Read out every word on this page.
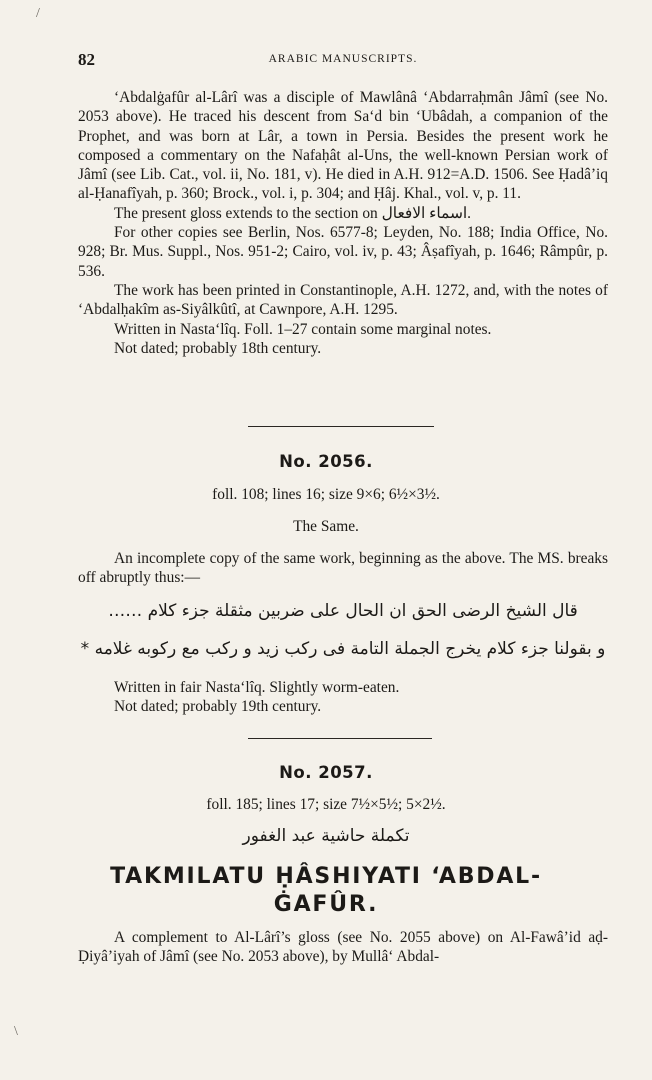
/
82	ARABIC MANUSCRIPTS.

‘Abdalġafûr al-Lârî was a disciple of Mawlânâ ‘Abdarraḥmân Jâmî (see No. 2053 above). He traced his descent from Sa‘d bin ‘Ubâdah, a companion of the Prophet, and was born at Lâr, a town in Persia. Besides the present work he composed a commentary on the Nafaḥât al-Uns, the well-known Persian work of Jâmî (see Lib. Cat., vol. ii, No. 181, v). He died in A.H. 912=A.D. 1506. See Ḥadâ’iq al-Ḥanafîyah, p. 360; Brock., vol. i, p. 304; and Ḥâj. Khal., vol. v, p. 11.

The present gloss extends to the section on اسماء الافعال.

For other copies see Berlin, Nos. 6577-8; Leyden, No. 188; India Office, No. 928; Br. Mus. Suppl., Nos. 951-2; Cairo, vol. iv, p. 43; Âṣafîyah, p. 1646; Râmpûr, p. 536.

The work has been printed in Constantinople, A.H. 1272, and, with the notes of ‘Abdalḥakîm as-Siyâlkûtî, at Cawnpore, A.H. 1295.

Written in Nasta‘lîq. Foll. 1–27 contain some marginal notes.

Not dated; probably 18th century.

No. 2056.
foll. 108; lines 16; size 9×6; 6½×3½.
The Same.

An incomplete copy of the same work, beginning as the above. The MS. breaks off abruptly thus:—

قال الشيخ الرضى الحق ان الحال على ضربين مثقلة جزء كلام ……
و بقولنا جزء كلام يخرج الجملة التامة فى ركب زيد و ركب مع ركوبه غلامه *

Written in fair Nasta‘lîq. Slightly worm-eaten.

Not dated; probably 19th century.

No. 2057.
foll. 185; lines 17; size 7½×5½; 5×2½.
تكملة حاشية عبد الغفور
TAKMILATU ḤÂSHIYATI ‘ABDAL-
ĠAFÛR.

A complement to Al-Lârî’s gloss (see No. 2055 above) on Al-Fawâ’id aḍ-Ḍiyâ’iyah of Jâmî (see No. 2053 above), by Mullâ‘ Abdal-

\
